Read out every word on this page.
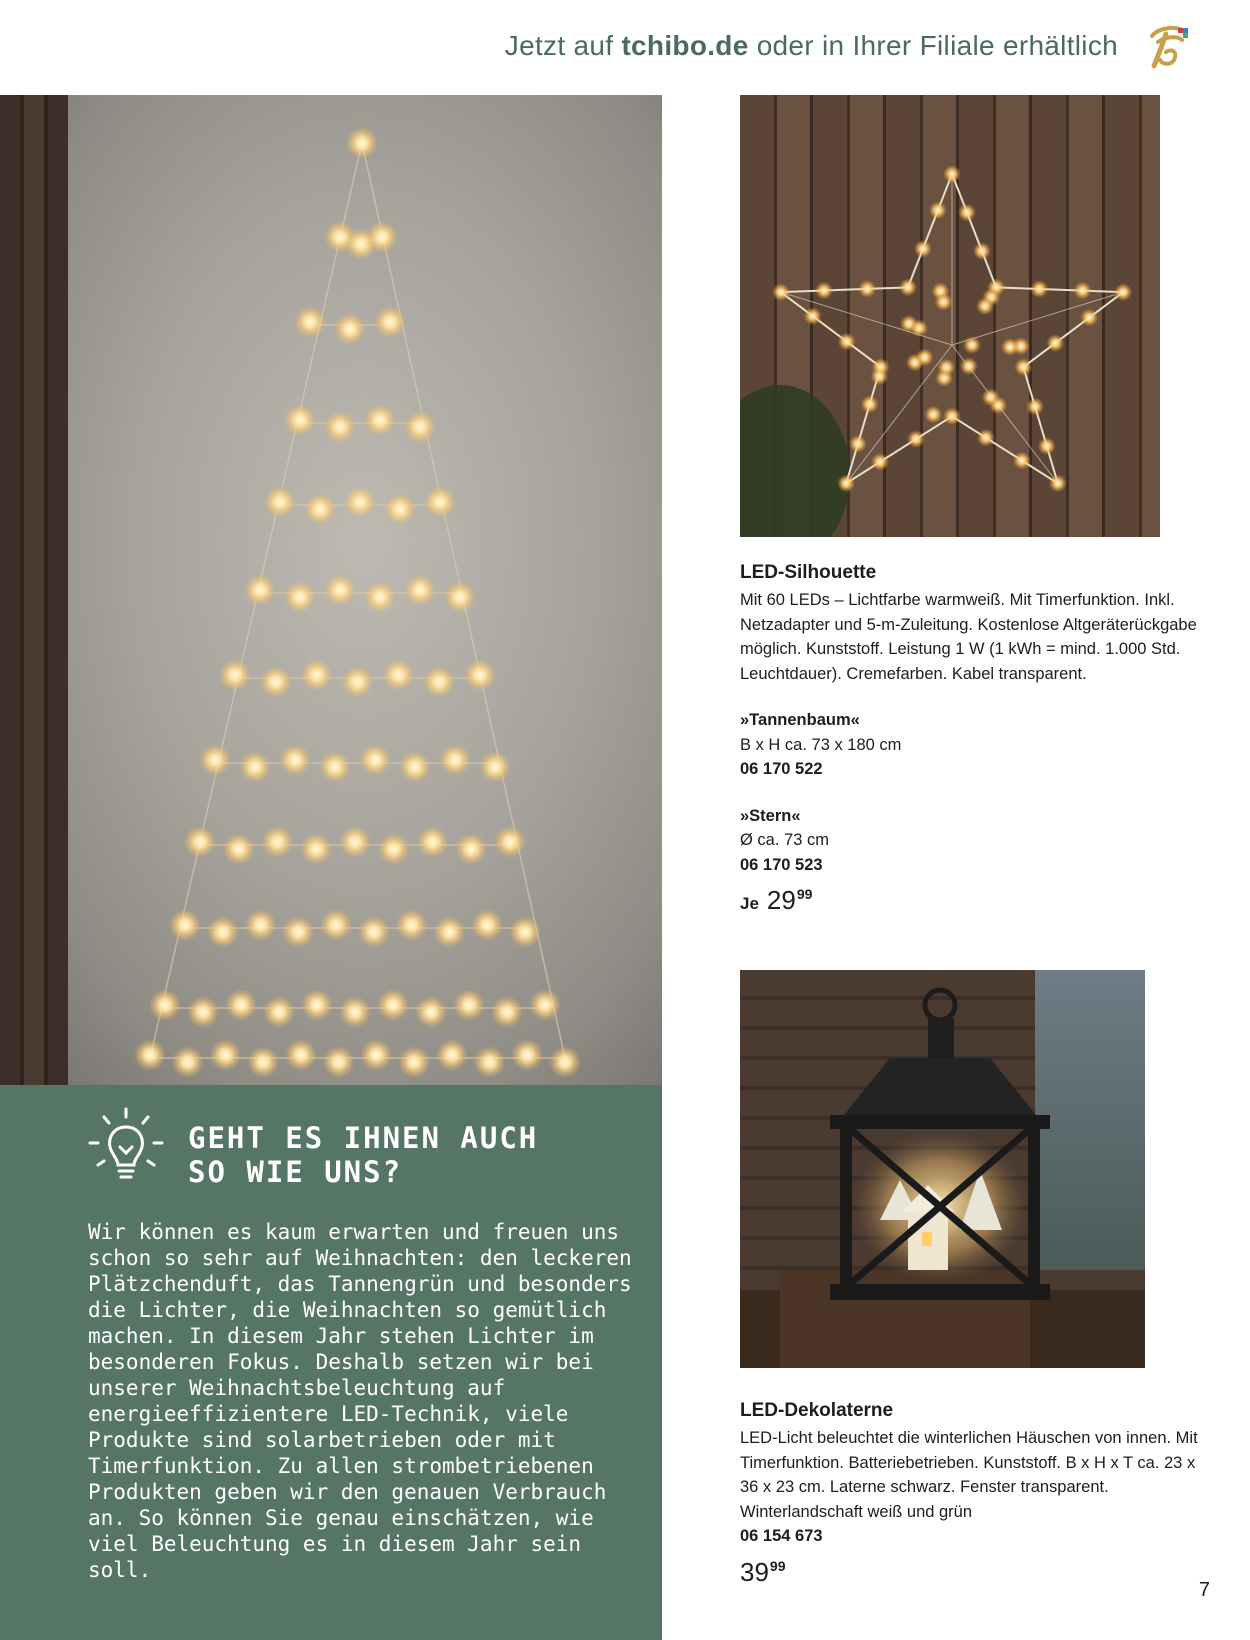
Jetzt auf tchibo.de oder in Ihrer Filiale erhältlich
GEHT ES IHNEN AUCH
SO WIE UNS?

Wir können es kaum erwarten und freuen uns schon so sehr auf Weihnachten: den leckeren Plätzchenduft, das Tannengrün und besonders die Lichter, die Weihnachten so gemütlich machen. In diesem Jahr stehen Lichter im besonderen Fokus. Deshalb setzen wir bei unserer Weihnachtsbeleuchtung auf energieeffizientere LED-Technik, viele Produkte sind solarbetrieben oder mit Timerfunktion. Zu allen strombetriebenen Produkten geben wir den genauen Verbrauch an. So können Sie genau einschätzen, wie viel Beleuchtung es in diesem Jahr sein soll.

LED-Silhouette

Mit 60 LEDs – Lichtfarbe warmweiß. Mit Timerfunktion. Inkl. Netzadapter und 5-m-Zuleitung. Kostenlose Altgeräterückgabe möglich. Kunststoff. Leistung 1 W (1 kWh = mind. 1.000 Std. Leuchtdauer). Cremefarben. Kabel transparent.

»Tannenbaum«

B x H ca. 73 x 180 cm

06 170 522

»Stern«

Ø ca. 73 cm

06 170 523

Je 29 99
LED-Dekolaterne

LED-Licht beleuchtet die winterlichen Häuschen von innen. Mit Timerfunktion. Batteriebetrieben. Kunststoff. B x H x T ca. 23 x 36 x 23 cm. Laterne schwarz. Fenster transparent. Winterlandschaft weiß und grün

06 154 673

39 99
7
